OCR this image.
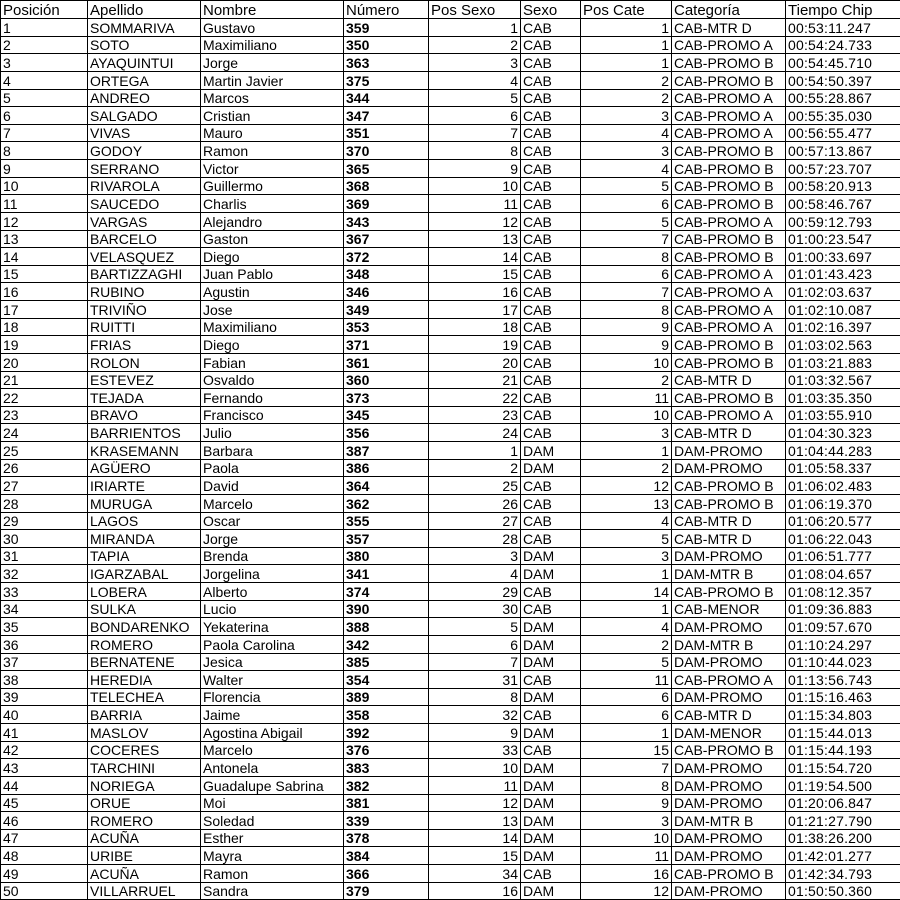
Posición	Apellido	Nombre	Número	Pos Sexo	Sexo	Pos Cate	Categoría	Tiempo Chip
1	SOMMARIVA	Gustavo	359	1	CAB	1	CAB-MTR D	00:53:11.247
2	SOTO	Maximiliano	350	2	CAB	1	CAB-PROMO A	00:54:24.733
3	AYAQUINTUI	Jorge	363	3	CAB	1	CAB-PROMO B	00:54:45.710
4	ORTEGA	Martin Javier	375	4	CAB	2	CAB-PROMO B	00:54:50.397
5	ANDREO	Marcos	344	5	CAB	2	CAB-PROMO A	00:55:28.867
6	SALGADO	Cristian	347	6	CAB	3	CAB-PROMO A	00:55:35.030
7	VIVAS	Mauro	351	7	CAB	4	CAB-PROMO A	00:56:55.477
8	GODOY	Ramon	370	8	CAB	3	CAB-PROMO B	00:57:13.867
9	SERRANO	Victor	365	9	CAB	4	CAB-PROMO B	00:57:23.707
10	RIVAROLA	Guillermo	368	10	CAB	5	CAB-PROMO B	00:58:20.913
11	SAUCEDO	Charlis	369	11	CAB	6	CAB-PROMO B	00:58:46.767
12	VARGAS	Alejandro	343	12	CAB	5	CAB-PROMO A	00:59:12.793
13	BARCELO	Gaston	367	13	CAB	7	CAB-PROMO B	01:00:23.547
14	VELASQUEZ	Diego	372	14	CAB	8	CAB-PROMO B	01:00:33.697
15	BARTIZZAGHI	Juan Pablo	348	15	CAB	6	CAB-PROMO A	01:01:43.423
16	RUBINO	Agustin	346	16	CAB	7	CAB-PROMO A	01:02:03.637
17	TRIVIÑO	Jose	349	17	CAB	8	CAB-PROMO A	01:02:10.087
18	RUITTI	Maximiliano	353	18	CAB	9	CAB-PROMO A	01:02:16.397
19	FRIAS	Diego	371	19	CAB	9	CAB-PROMO B	01:03:02.563
20	ROLON	Fabian	361	20	CAB	10	CAB-PROMO B	01:03:21.883
21	ESTEVEZ	Osvaldo	360	21	CAB	2	CAB-MTR D	01:03:32.567
22	TEJADA	Fernando	373	22	CAB	11	CAB-PROMO B	01:03:35.350
23	BRAVO	Francisco	345	23	CAB	10	CAB-PROMO A	01:03:55.910
24	BARRIENTOS	Julio	356	24	CAB	3	CAB-MTR D	01:04:30.323
25	KRASEMANN	Barbara	387	1	DAM	1	DAM-PROMO	01:04:44.283
26	AGÜERO	Paola	386	2	DAM	2	DAM-PROMO	01:05:58.337
27	IRIARTE	David	364	25	CAB	12	CAB-PROMO B	01:06:02.483
28	MURUGA	Marcelo	362	26	CAB	13	CAB-PROMO B	01:06:19.370
29	LAGOS	Oscar	355	27	CAB	4	CAB-MTR D	01:06:20.577
30	MIRANDA	Jorge	357	28	CAB	5	CAB-MTR D	01:06:22.043
31	TAPIA	Brenda	380	3	DAM	3	DAM-PROMO	01:06:51.777
32	IGARZABAL	Jorgelina	341	4	DAM	1	DAM-MTR B	01:08:04.657
33	LOBERA	Alberto	374	29	CAB	14	CAB-PROMO B	01:08:12.357
34	SULKA	Lucio	390	30	CAB	1	CAB-MENOR	01:09:36.883
35	BONDARENKO	Yekaterina	388	5	DAM	4	DAM-PROMO	01:09:57.670
36	ROMERO	Paola Carolina	342	6	DAM	2	DAM-MTR B	01:10:24.297
37	BERNATENE	Jesica	385	7	DAM	5	DAM-PROMO	01:10:44.023
38	HEREDIA	Walter	354	31	CAB	11	CAB-PROMO A	01:13:56.743
39	TELECHEA	Florencia	389	8	DAM	6	DAM-PROMO	01:15:16.463
40	BARRIA	Jaime	358	32	CAB	6	CAB-MTR D	01:15:34.803
41	MASLOV	Agostina Abigail	392	9	DAM	1	DAM-MENOR	01:15:44.013
42	COCERES	Marcelo	376	33	CAB	15	CAB-PROMO B	01:15:44.193
43	TARCHINI	Antonela	383	10	DAM	7	DAM-PROMO	01:15:54.720
44	NORIEGA	Guadalupe Sabrina	382	11	DAM	8	DAM-PROMO	01:19:54.500
45	ORUE	Moi	381	12	DAM	9	DAM-PROMO	01:20:06.847
46	ROMERO	Soledad	339	13	DAM	3	DAM-MTR B	01:21:27.790
47	ACUÑA	Esther	378	14	DAM	10	DAM-PROMO	01:38:26.200
48	URIBE	Mayra	384	15	DAM	11	DAM-PROMO	01:42:01.277
49	ACUÑA	Ramon	366	34	CAB	16	CAB-PROMO B	01:42:34.793
50	VILLARRUEL	Sandra	379	16	DAM	12	DAM-PROMO	01:50:50.360
